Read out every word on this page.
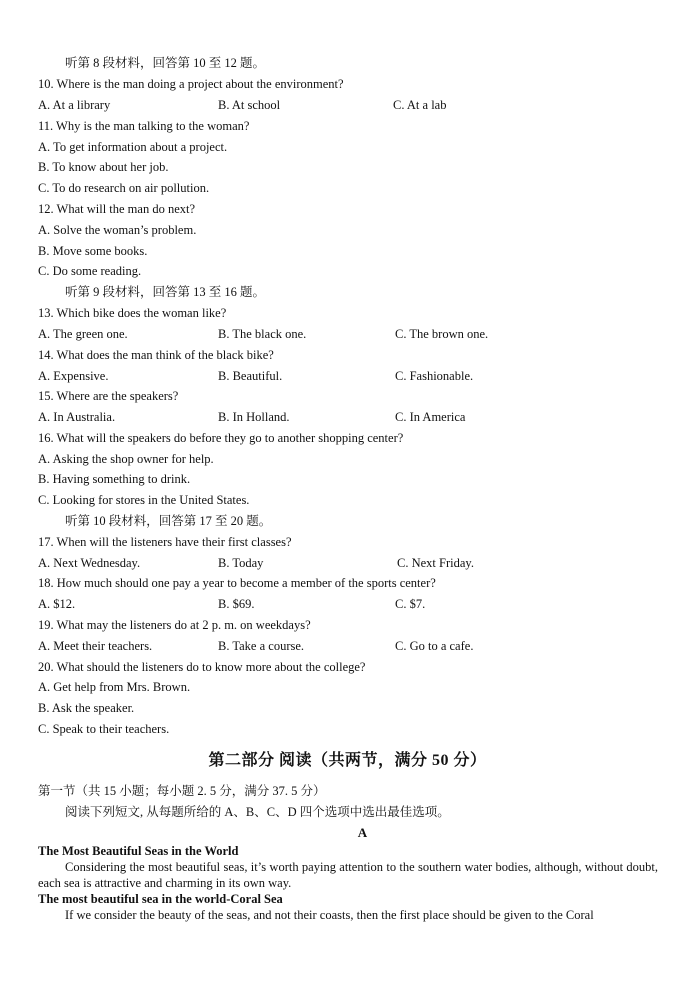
听第 8 段材料，回答第 10 至 12 题。
10. Where is the man doing a project about the environment?
A. At a library	B. At school	C. At a lab
11. Why is the man talking to the woman?
A. To get information about a project.
B. To know about her job.
C. To do research on air pollution.
12. What will the man do next?
A. Solve the woman’s problem.
B. Move some books.
C. Do some reading.
听第 9 段材料，回答第 13 至 16 题。
13. Which bike does the woman like?
A. The green one.	B. The black one.	C. The brown one.
14. What does the man think of the black bike?
A. Expensive.	B. Beautiful.	C. Fashionable.
15. Where are the speakers?
A. In Australia.	B. In Holland.	C. In America
16. What will the speakers do before they go to another shopping center?
A. Asking the shop owner for help.
B. Having something to drink.
C. Looking for stores in the United States.
听第 10 段材料，回答第 17 至 20 题。
17. When will the listeners have their first classes?
A. Next Wednesday.	B. Today	C. Next Friday.
18. How much should one pay a year to become a member of the sports center?
A. $12.	B. $69.	C. $7.
19. What may the listeners do at 2 p. m. on weekdays?
A. Meet their teachers.	B. Take a course.	C. Go to a cafe.
20. What should the listeners do to know more about the college?
A. Get help from Mrs. Brown.
B. Ask the speaker.
C. Speak to their teachers.
第二部分 阅读（共两节，满分 50 分）
第一节（共 15 小题；每小题 2. 5 分，满分 37. 5 分）
阅读下列短文, 从每题所给的 A、B、C、D 四个选项中选出最佳选项。
A
The Most Beautiful Seas in the World
Considering the most beautiful seas, it’s worth paying attention to the southern water bodies, although, without doubt, each sea is attractive and charming in its own way.
The most beautiful sea in the world-Coral Sea
If we consider the beauty of the seas, and not their coasts, then the first place should be given to the Coral
